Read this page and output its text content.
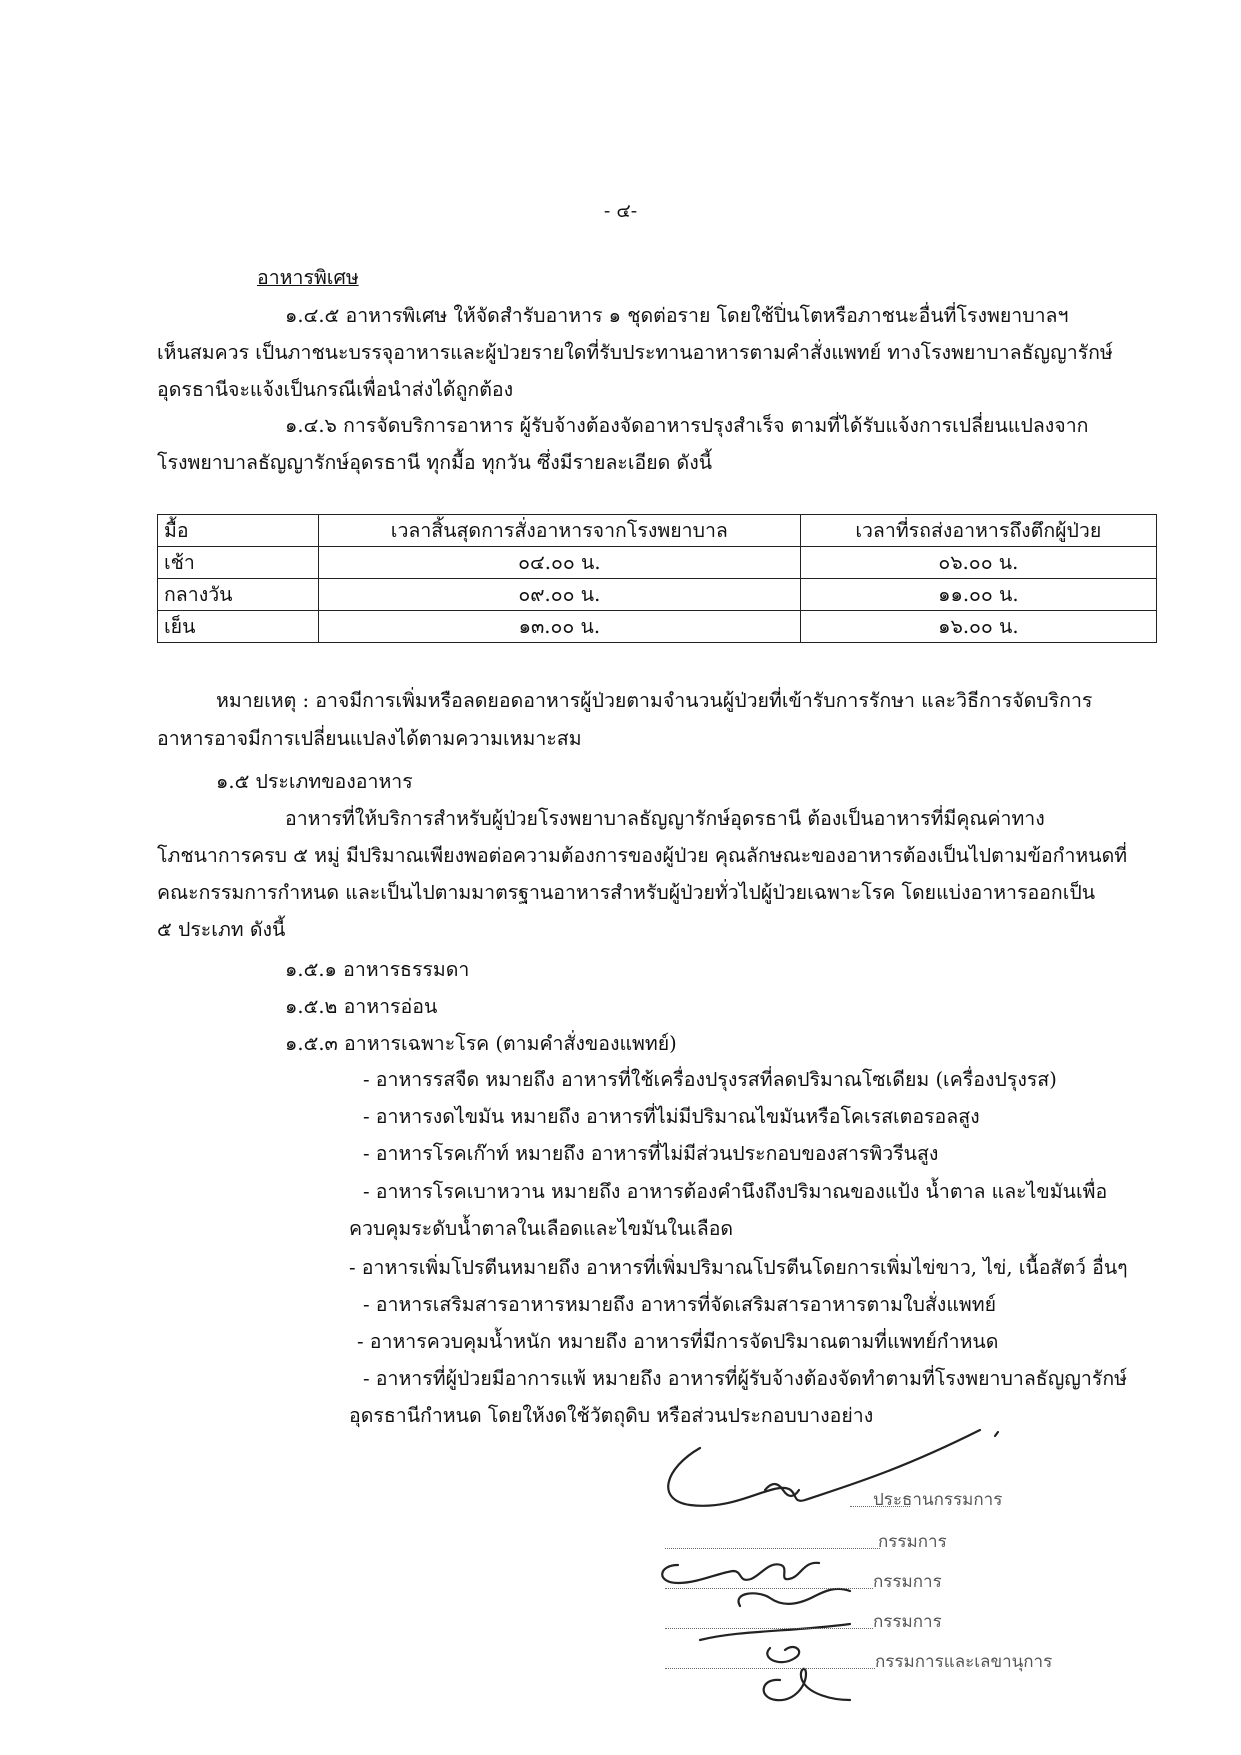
- ๔-
อาหารพิเศษ
๑.๔.๕ อาหารพิเศษ ให้จัดสำรับอาหาร ๑ ชุดต่อราย โดยใช้ปิ่นโตหรือภาชนะอื่นที่โรงพยาบาลฯ
เห็นสมควร เป็นภาชนะบรรจุอาหารและผู้ป่วยรายใดที่รับประทานอาหารตามคำสั่งแพทย์ ทางโรงพยาบาลธัญญารักษ์
อุดรธานีจะแจ้งเป็นกรณีเพื่อนำส่งได้ถูกต้อง
๑.๔.๖ การจัดบริการอาหาร ผู้รับจ้างต้องจัดอาหารปรุงสำเร็จ ตามที่ได้รับแจ้งการเปลี่ยนแปลงจาก
โรงพยาบาลธัญญารักษ์อุดรธานี ทุกมื้อ ทุกวัน ซึ่งมีรายละเอียด ดังนี้
มื้อ	เวลาสิ้นสุดการสั่งอาหารจากโรงพยาบาล	เวลาที่รถส่งอาหารถึงตึกผู้ป่วย
เช้า	๐๔.๐๐ น.	๐๖.๐๐ น.
กลางวัน	๐๙.๐๐ น.	๑๑.๐๐ น.
เย็น	๑๓.๐๐ น.	๑๖.๐๐ น.
หมายเหตุ : อาจมีการเพิ่มหรือลดยอดอาหารผู้ป่วยตามจำนวนผู้ป่วยที่เข้ารับการรักษา และวิธีการจัดบริการ
อาหารอาจมีการเปลี่ยนแปลงได้ตามความเหมาะสม
๑.๕ ประเภทของอาหาร
อาหารที่ให้บริการสำหรับผู้ป่วยโรงพยาบาลธัญญารักษ์อุดรธานี ต้องเป็นอาหารที่มีคุณค่าทาง
โภชนาการครบ ๕ หมู่ มีปริมาณเพียงพอต่อความต้องการของผู้ป่วย คุณลักษณะของอาหารต้องเป็นไปตามข้อกำหนดที่
คณะกรรมการกำหนด และเป็นไปตามมาตรฐานอาหารสำหรับผู้ป่วยทั่วไปผู้ป่วยเฉพาะโรค โดยแบ่งอาหารออกเป็น
๕ ประเภท ดังนี้
๑.๕.๑ อาหารธรรมดา
๑.๕.๒ อาหารอ่อน
๑.๕.๓ อาหารเฉพาะโรค (ตามคำสั่งของแพทย์)
- อาหารรสจืด หมายถึง อาหารที่ใช้เครื่องปรุงรสที่ลดปริมาณโซเดียม (เครื่องปรุงรส)
- อาหารงดไขมัน หมายถึง อาหารที่ไม่มีปริมาณไขมันหรือโคเรสเตอรอลสูง
- อาหารโรคเก๊าท์ หมายถึง อาหารที่ไม่มีส่วนประกอบของสารพิวรีนสูง
- อาหารโรคเบาหวาน หมายถึง อาหารต้องคำนึงถึงปริมาณของแป้ง น้ำตาล และไขมันเพื่อ
ควบคุมระดับน้ำตาลในเลือดและไขมันในเลือด
- อาหารเพิ่มโปรตีนหมายถึง อาหารที่เพิ่มปริมาณโปรตีนโดยการเพิ่มไข่ขาว, ไข่, เนื้อสัตว์ อื่นๆ
- อาหารเสริมสารอาหารหมายถึง อาหารที่จัดเสริมสารอาหารตามใบสั่งแพทย์
- อาหารควบคุมน้ำหนัก หมายถึง อาหารที่มีการจัดปริมาณตามที่แพทย์กำหนด
- อาหารที่ผู้ป่วยมีอาการแพ้ หมายถึง อาหารที่ผู้รับจ้างต้องจัดทำตามที่โรงพยาบาลธัญญารักษ์
อุดรธานีกำหนด โดยให้งดใช้วัตถุดิบ หรือส่วนประกอบบางอย่าง
ประธานกรรมการ
กรรมการ
กรรมการ
กรรมการ
กรรมการและเลขานุการ
